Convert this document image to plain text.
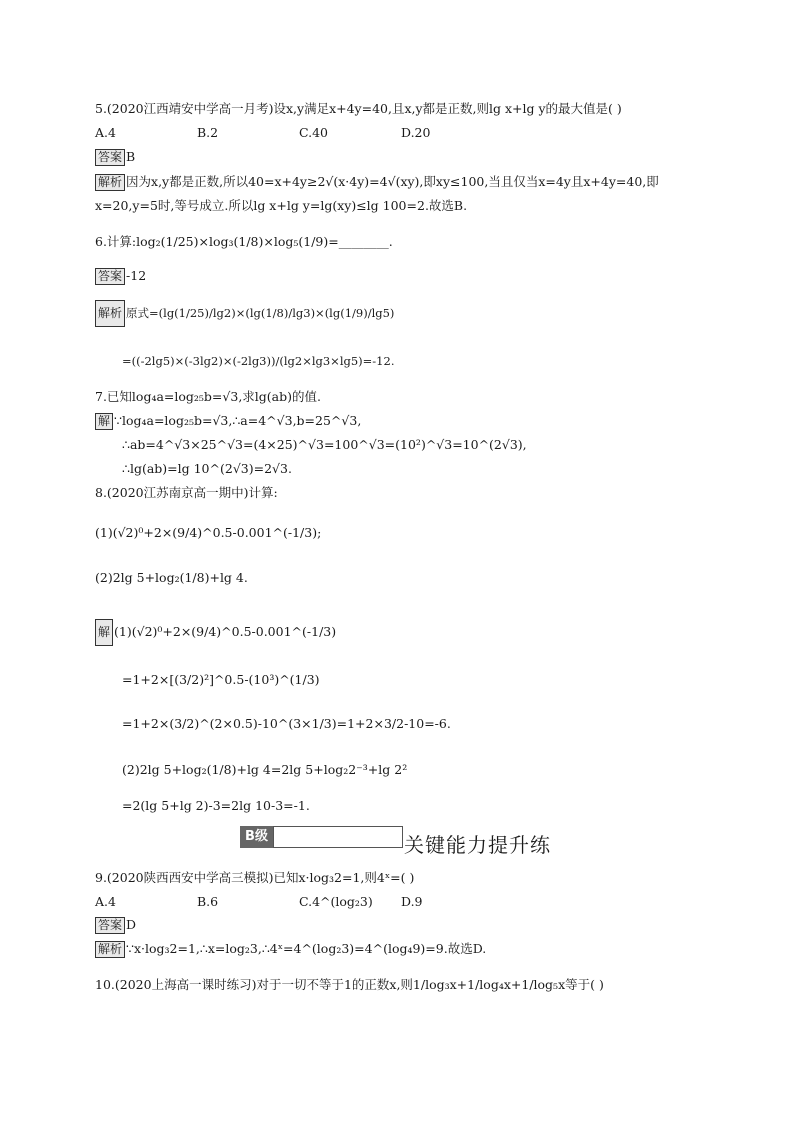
5.(2020江西靖安中学高一月考)设x,y满足x+4y=40,且x,y都是正数,则lg x+lg y的最大值是( )
A.4	B.2	C.40	D.20
答案 B
解析 因为x,y都是正数,所以40=x+4y≥2√(x·4y)=4√(xy),即xy≤100,当且仅当x=4y且x+4y=40,即
x=20,y=5时,等号成立.所以lg x+lg y=lg(xy)≤lg 100=2.故选B.
6.计算:log₂(1/25)×log₃(1/8)×log₅(1/9)=________.
答案 -12
解析 原式=(lg(1/25)/lg2)×(lg(1/8)/lg3)×(lg(1/9)/lg5)
=((-2lg5)×(-3lg2)×(-2lg3))/(lg2×lg3×lg5)=-12.
7.已知log₄a=log₂₅b=√3,求lg(ab)的值.
解 ∵log₄a=log₂₅b=√3,∴a=4^√3,b=25^√3,
∴ab=4^√3×25^√3=(4×25)^√3=100^√3=(10²)^√3=10^(2√3),
∴lg(ab)=lg 10^(2√3)=2√3.
8.(2020江苏南京高一期中)计算:
(1)(√2)⁰+2×(9/4)^0.5-0.001^(-1/3);
(2)2lg 5+log₂(1/8)+lg 4.
解 (1)(√2)⁰+2×(9/4)^0.5-0.001^(-1/3)
=1+2×[(3/2)²]^0.5-(10³)^(1/3)
=1+2×(3/2)^(2×0.5)-10^(3×1/3)=1+2×3/2-10=-6.
(2)2lg 5+log₂(1/8)+lg 4=2lg 5+log₂2⁻³+lg 2²
=2(lg 5+lg 2)-3=2lg 10-3=-1.
B级	关键能力提升练
9.(2020陕西西安中学高三模拟)已知x·log₃2=1,则4ˣ=( )
A.4	B.6	C.4^(log₂3) D.9
答案 D
解析 ∵x·log₃2=1,∴x=log₂3,∴4ˣ=4^(log₂3)=4^(log₄9)=9.故选D.
10.(2020上海高一课时练习)对于一切不等于1的正数x,则1/log₃x+1/log₄x+1/log₅x等于( )
